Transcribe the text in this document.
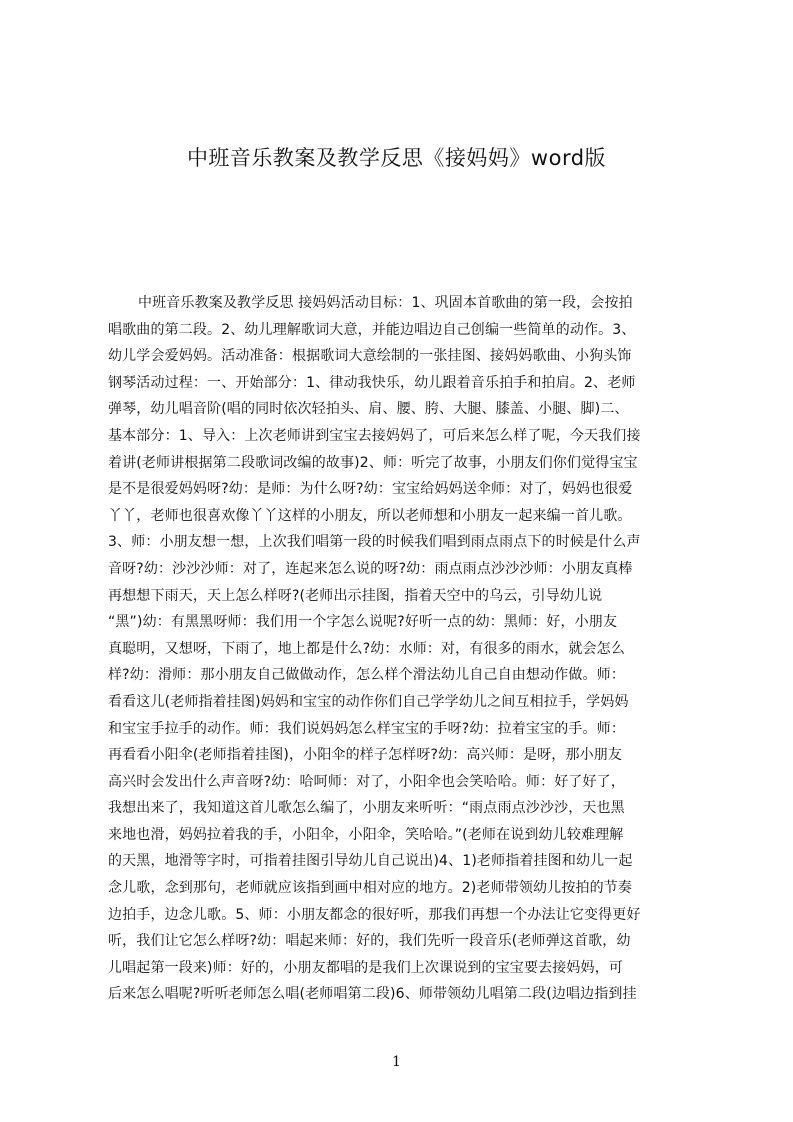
中班音乐教案及教学反思《接妈妈》word版
中班音乐教案及教学反思 接妈妈活动目标：1、巩固本首歌曲的第一段，会按拍
唱歌曲的第二段。2、幼儿理解歌词大意，并能边唱边自己创编一些简单的动作。3、
幼儿学会爱妈妈。活动准备：根据歌词大意绘制的一张挂图、接妈妈歌曲、小狗头饰
钢琴活动过程：一、开始部分：1、律动我快乐，幼儿跟着音乐拍手和拍肩。2、老师
弹琴，幼儿唱音阶(唱的同时依次轻拍头、肩、腰、胯、大腿、膝盖、小腿、脚)二、
基本部分：1、导入：上次老师讲到宝宝去接妈妈了，可后来怎么样了呢，今天我们接
着讲(老师讲根据第二段歌词改编的故事)2、师：听完了故事，小朋友们你们觉得宝宝
是不是很爱妈妈呀?幼：是师：为什么呀?幼：宝宝给妈妈送伞师：对了，妈妈也很爱
丫丫，老师也很喜欢像丫丫这样的小朋友，所以老师想和小朋友一起来编一首儿歌。
3、师：小朋友想一想，上次我们唱第一段的时候我们唱到雨点雨点下的时候是什么声
音呀?幼：沙沙沙师：对了，连起来怎么说的呀?幼：雨点雨点沙沙沙师：小朋友真棒
再想想下雨天，天上怎么样呀?(老师出示挂图，指着天空中的乌云，引导幼儿说
“黑”)幼：有黑黑呀师：我们用一个字怎么说呢?好听一点的幼：黑师：好，小朋友
真聪明，又想呀，下雨了，地上都是什么?幼：水师：对，有很多的雨水，就会怎么
样?幼：滑师：那小朋友自己做做动作，怎么样个滑法幼儿自己自由想动作做。师：
看看这儿(老师指着挂图)妈妈和宝宝的动作你们自己学学幼儿之间互相拉手，学妈妈
和宝宝手拉手的动作。师：我们说妈妈怎么样宝宝的手呀?幼：拉着宝宝的手。师：
再看看小阳伞(老师指着挂图)，小阳伞的样子怎样呀?幼：高兴师：是呀，那小朋友
高兴时会发出什么声音呀?幼：哈呵师：对了，小阳伞也会笑哈哈。师：好了好了，
我想出来了，我知道这首儿歌怎么编了，小朋友来听听：“雨点雨点沙沙沙，天也黑
来地也滑，妈妈拉着我的手，小阳伞，小阳伞，笑哈哈。”(老师在说到幼儿较难理解
的天黑，地滑等字时，可指着挂图引导幼儿自己说出)4、1)老师指着挂图和幼儿一起
念儿歌，念到那句，老师就应该指到画中相对应的地方。2)老师带领幼儿按拍的节奏
边拍手，边念儿歌。5、师：小朋友都念的很好听，那我们再想一个办法让它变得更好
听，我们让它怎么样呀?幼：唱起来师：好的，我们先听一段音乐(老师弹这首歌，幼
儿唱起第一段来)师：好的，小朋友都唱的是我们上次课说到的宝宝要去接妈妈，可
后来怎么唱呢?听听老师怎么唱(老师唱第二段)6、师带领幼儿唱第二段(边唱边指到挂
1
